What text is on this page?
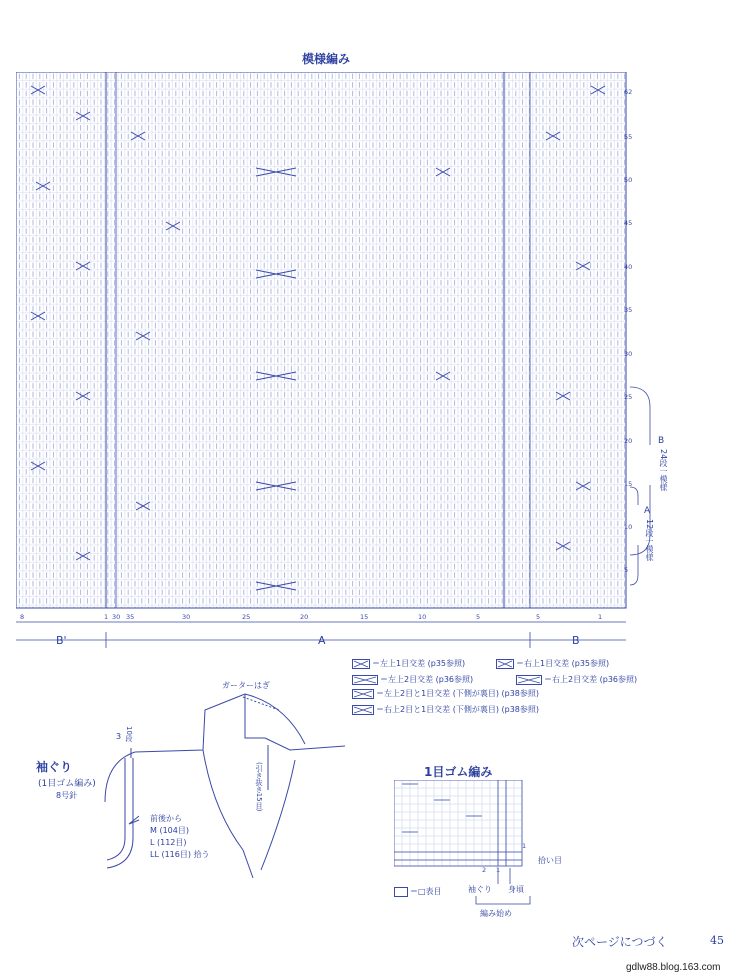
模様編み
62
55
50
45
40
35
30
25
20
15
10
5
8	1 30 35	30	25	20	15	10	5	5	1
B'	A	B
B
24段一模様
A
12段一模様
＝左上1目交差 (p35参照)	＝右上1目交差 (p35参照)
＝左上2目交差 (p36参照)	＝右上2目交差 (p36参照)
＝左上2目と1目交差 (下側が裏目) (p38参照)
＝右上2目と1目交差 (下側が裏目) (p38参照)
ガーターはぎ
(引き抜き15目)
袖ぐり
(1目ゴム編み)
8号針
3 10段
前後から
M (104目)
L (112目)
LL (116目) 拾う
1目ゴム編み
1
2 1
拾い目
袖ぐり 身頃
編み始め
＝□表目
次ページにつづく	45
gdlw88.blog.163.com
